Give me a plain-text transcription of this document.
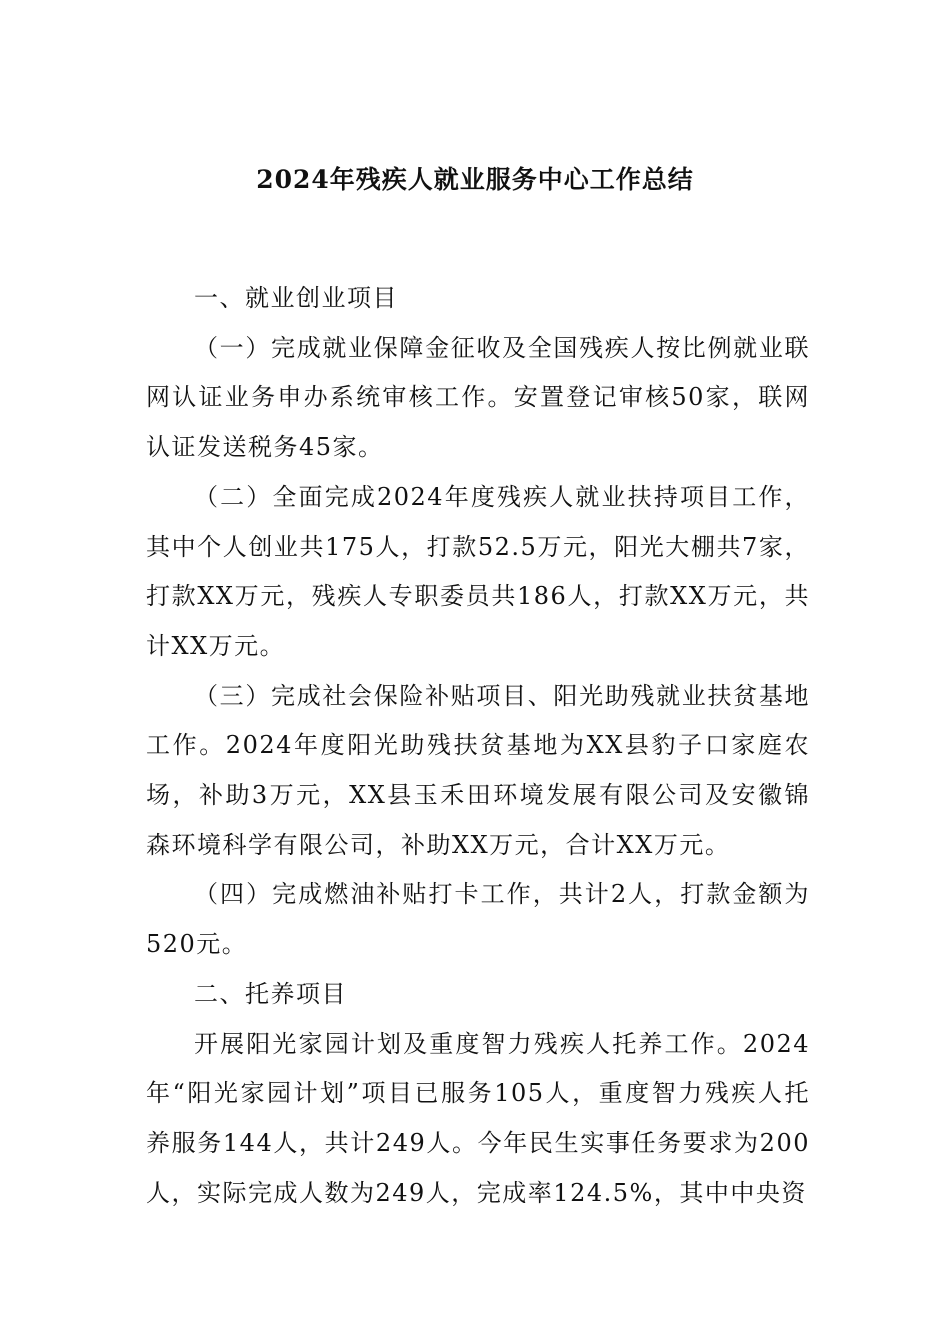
2024年残疾人就业服务中心工作总结

一、就业创业项目

（一）完成就业保障金征收及全国残疾人按比例就业联网认证业务申办系统审核工作。安置登记审核50家，联网认证发送税务45家。

（二）全面完成2024年度残疾人就业扶持项目工作，其中个人创业共175人，打款52.5万元，阳光大棚共7家，打款XX万元，残疾人专职委员共186人，打款XX万元，共计XX万元。

（三）完成社会保险补贴项目、阳光助残就业扶贫基地工作。2024年度阳光助残扶贫基地为XX县豹子口家庭农场，补助3万元，XX县玉禾田环境发展有限公司及安徽锦森环境科学有限公司，补助XX万元，合计XX万元。

（四）完成燃油补贴打卡工作，共计2人，打款金额为520元。

二、托养项目

开展阳光家园计划及重度智力残疾人托养工作。2024年“阳光家园计划”项目已服务105人，重度智力残疾人托养服务144人，共计249人。今年民生实事任务要求为200人，实际完成人数为249人，完成率124.5%，其中中央资
